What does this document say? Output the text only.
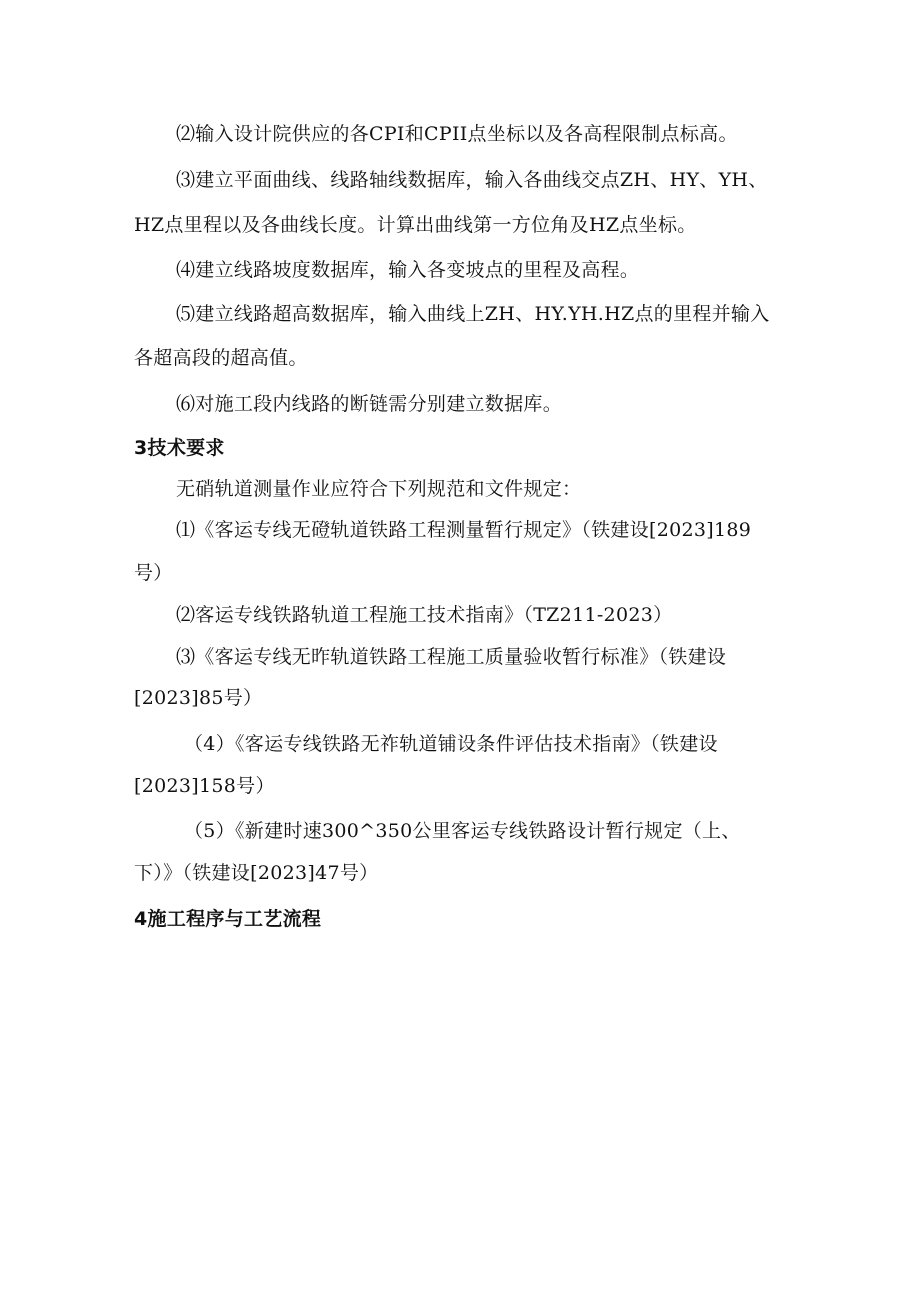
⑵输入设计院供应的各CPI和CPII点坐标以及各高程限制点标高。
⑶建立平面曲线、线路轴线数据库，输入各曲线交点ZH、HY、YH、
HZ点里程以及各曲线长度。计算出曲线第一方位角及HZ点坐标。
⑷建立线路坡度数据库，输入各变坡点的里程及高程。
⑸建立线路超高数据库，输入曲线上ZH、HY.YH.HZ点的里程并输入
各超高段的超高值。
⑹对施工段内线路的断链需分别建立数据库。
3技术要求
无硝轨道测量作业应符合下列规范和文件规定：
⑴《客运专线无磴轨道铁路工程测量暂行规定》（铁建设[2023]189
号）
⑵客运专线铁路轨道工程施工技术指南》（TZ211-2023）
⑶《客运专线无昨轨道铁路工程施工质量验收暂行标准》（铁建设
[2023]85号）
（4）《客运专线铁路无祚轨道铺设条件评估技术指南》（铁建设
[2023]158号）
（5）《新建时速300^350公里客运专线铁路设计暂行规定（上、
下）》（铁建设[2023]47号）
4施工程序与工艺流程
